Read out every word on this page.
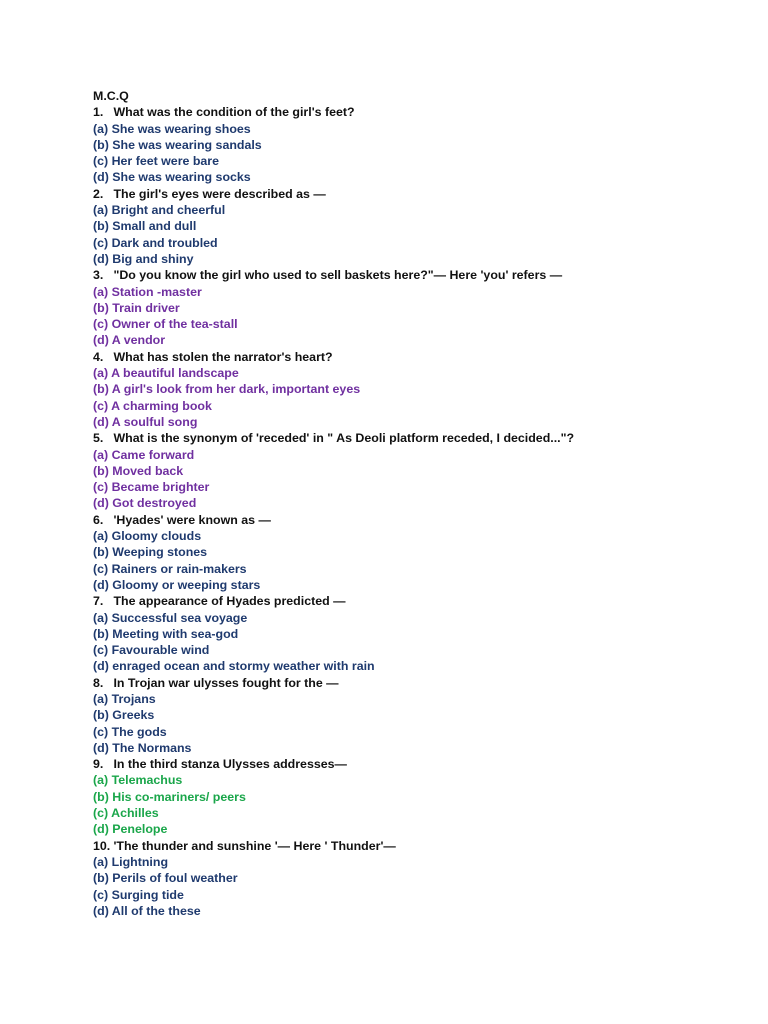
M.C.Q

1. What was the condition of the girl's feet?

(a) She was wearing shoes

(b) She was wearing sandals

(c) Her feet were bare

(d) She was wearing socks

2. The girl's eyes were described as —

(a) Bright and cheerful

(b) Small and dull

(c) Dark and troubled

(d) Big and shiny

3. "Do you know the girl who used to sell baskets here?"— Here 'you' refers —

(a) Station -master

(b) Train driver

(c) Owner of the tea-stall

(d) A vendor

4. What has stolen the narrator's heart?

(a) A beautiful landscape

(b) A girl's look from her dark, important eyes

(c) A charming book

(d) A soulful song

5. What is the synonym of 'receded' in " As Deoli platform receded, I decided..."?

(a) Came forward

(b) Moved back

(c) Became brighter

(d) Got destroyed

6. 'Hyades' were known as —

(a) Gloomy clouds

(b) Weeping stones

(c) Rainers or rain-makers

(d) Gloomy or weeping stars

7. The appearance of Hyades predicted —

(a) Successful sea voyage

(b) Meeting with sea-god

(c) Favourable wind

(d) enraged ocean and stormy weather with rain

8. In Trojan war ulysses fought for the —

(a) Trojans

(b) Greeks

(c) The gods

(d) The Normans

9. In the third stanza Ulysses addresses—

(a) Telemachus

(b) His co-mariners/ peers

(c) Achilles

(d) Penelope

10. 'The thunder and sunshine '— Here ' Thunder'—

(a) Lightning

(b) Perils of foul weather

(c) Surging tide

(d) All of the these
